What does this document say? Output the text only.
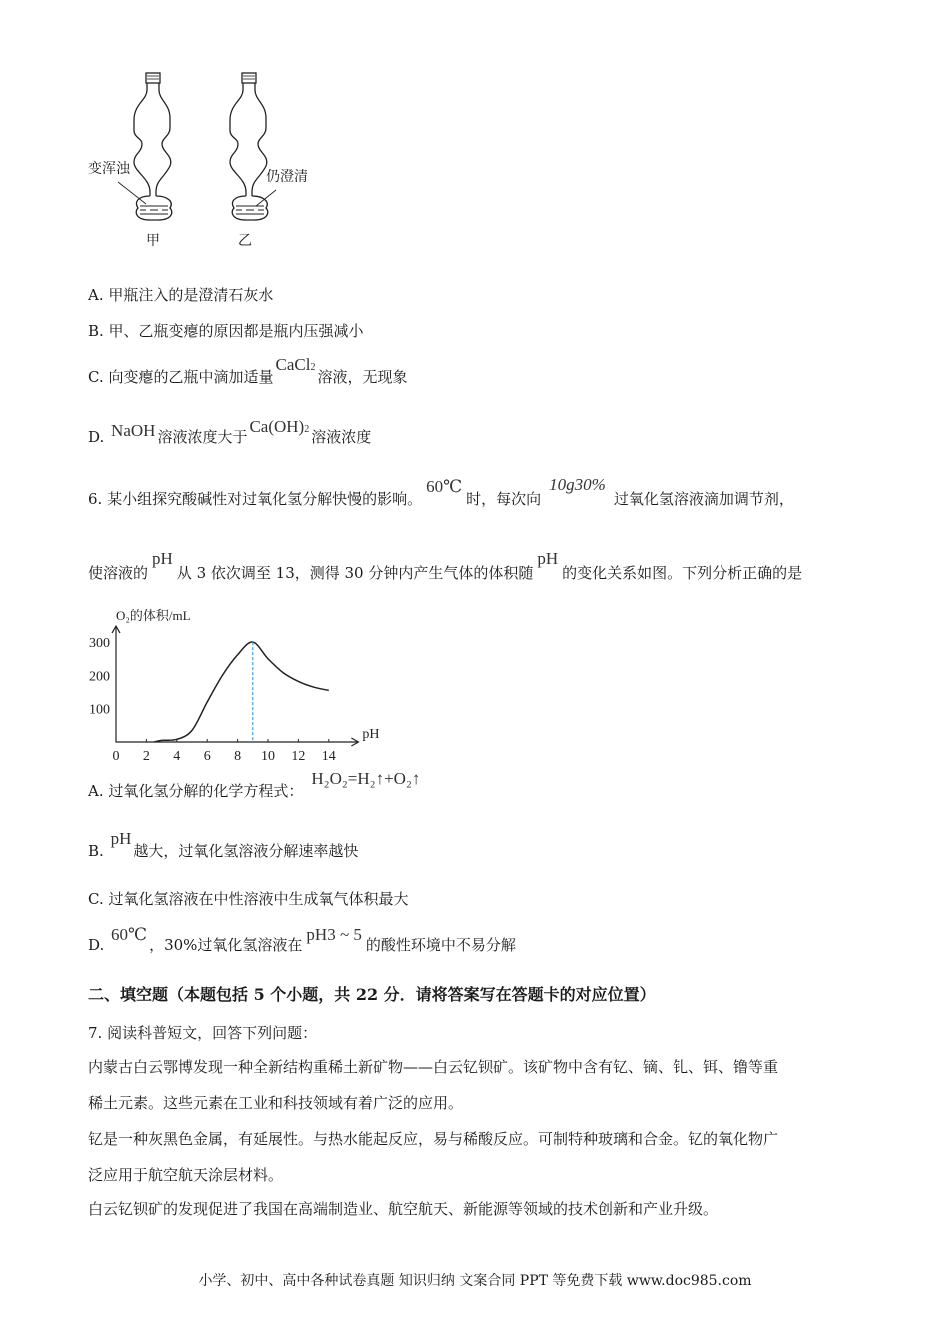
变浑浊	仍澄清
甲	乙
A. 甲瓶注入的是澄清石灰水
B. 甲、乙瓶变瘪的原因都是瓶内压强减小
C. 向变瘪的乙瓶中滴加适量CaCl2溶液，无现象
D. NaOH 溶液浓度大于Ca(OH)2 溶液浓度
6. 某小组探究酸碱性对过氧化氢分解快慢的影响。60℃时，每次向10g30%过氧化氢溶液滴加调节剂，
使溶液的pH从 3 依次调至 13，测得 30 分钟内产生气体的体积随pH的变化关系如图。下列分析正确的是
O₂的体积/mL
300
200
100
0 2 4 6 8 10 12 14
pH
A. 过氧化氢分解的化学方程式：H₂O₂=H₂↑+O₂↑
B. pH越大，过氧化氢溶液分解速率越快
C. 过氧化氢溶液在中性溶液中生成氧气体积最大
D. 60℃，30%过氧化氢溶液在pH3 ~ 5的酸性环境中不易分解
二、填空题（本题包括 5 个小题，共 22 分．请将答案写在答题卡的对应位置）
7. 阅读科普短文，回答下列问题：
内蒙古白云鄂博发现一种全新结构重稀土新矿物——白云钇钡矿。该矿物中含有钇、镝、钆、铒、镥等重
稀土元素。这些元素在工业和科技领域有着广泛的应用。
钇是一种灰黑色金属，有延展性。与热水能起反应，易与稀酸反应。可制特种玻璃和合金。钇的氧化物广
泛应用于航空航天涂层材料。
白云钇钡矿的发现促进了我国在高端制造业、航空航天、新能源等领域的技术创新和产业升级。
小学、初中、高中各种试卷真题 知识归纳 文案合同 PPT 等免费下载 www.doc985.com
